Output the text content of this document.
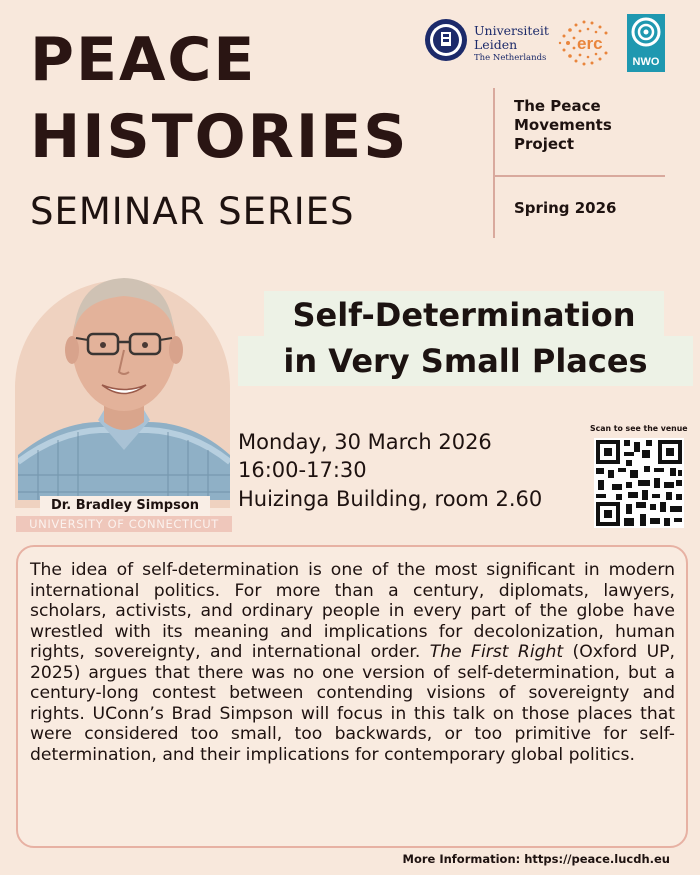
PEACE
HISTORIES
SEMINAR SERIES
Universiteit
Leiden
The Netherlands
erc
NWO
The Peace
Movements
Project
Spring 2026
Dr. Bradley Simpson
UNIVERSITY OF CONNECTICUT
Self-Determination
in Very Small Places
Monday, 30 March 2026
16:00-17:30
Huizinga Building, room 2.60
Scan to see the venue
The idea of self-determination is one of the most significant in modern international politics. For more than a century, diplomats, lawyers, scholars, activists, and ordinary people in every part of the globe have wrestled with its meaning and implications for decolonization, human rights, sovereignty, and international order. The First Right (Oxford UP, 2025) argues that there was no one version of self-determination, but a century-long contest between contending visions of sovereignty and rights. UConn’s Brad Simpson will focus in this talk on those places that were considered too small, too backwards, or too primitive for self-determination, and their implications for contemporary global politics.
More Information: https://peace.lucdh.eu
